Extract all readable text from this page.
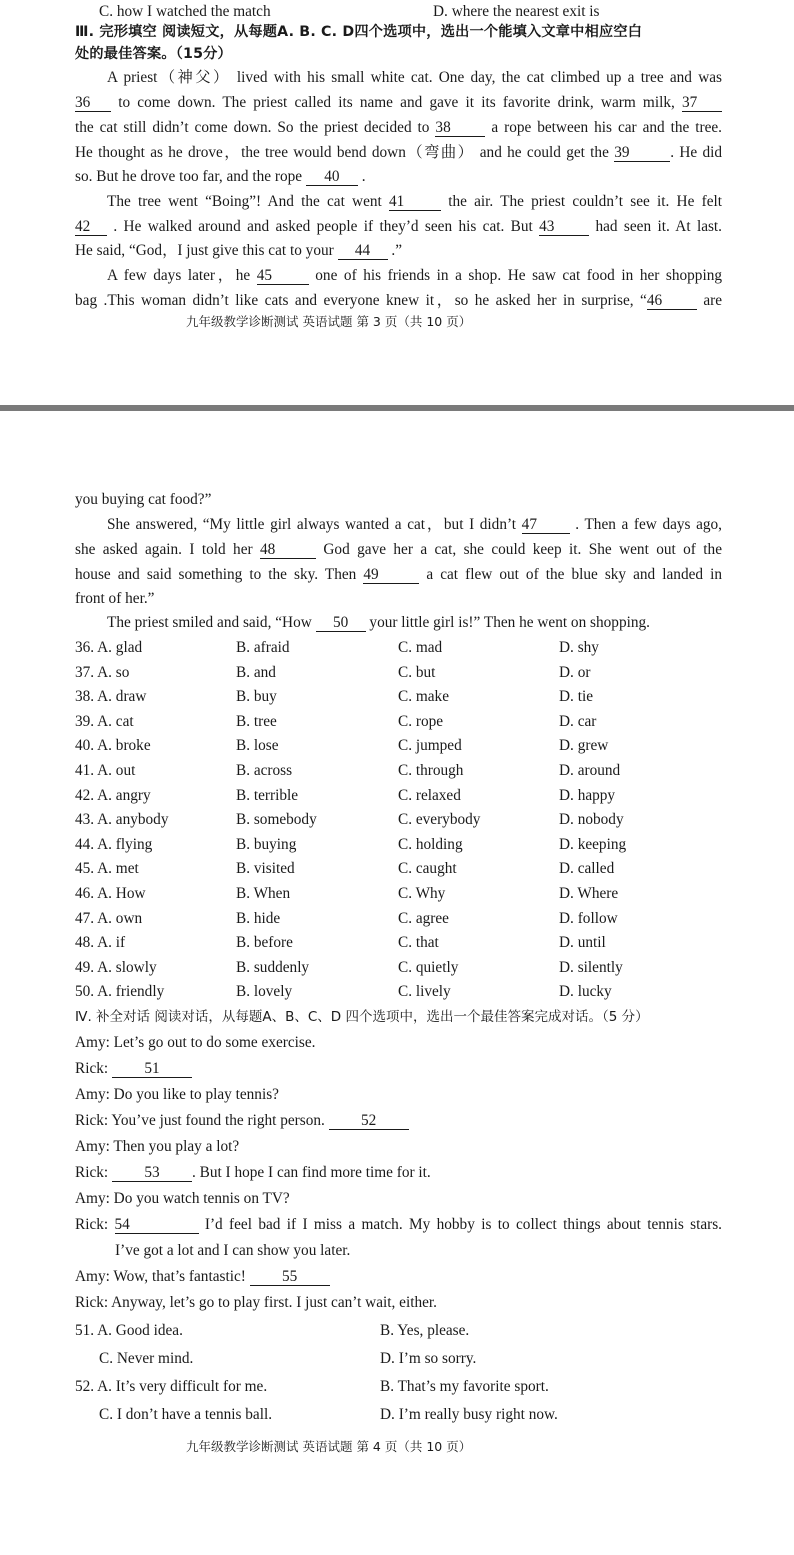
C. how I watched the match	D. where the nearest exit is
Ⅲ. 完形填空 阅读短文，从每题A. B. C. D四个选项中，选出一个能填入文章中相应空白
处的最佳答案。（15分）
A priest（神父） lived with his small white cat. One day, the cat climbed up a tree and was
36 to come down. The priest called its name and gave it its favorite drink, warm milk, 37
the cat still didn’t come down. So the priest decided to 38 a rope between his car and the tree.
He thought as he drove，the tree would bend down（弯曲） and he could get the 39	. He did
so. But he drove too far, and the rope 40 .
The tree went “Boing”! And the cat went 41 the air. The priest couldn’t see it. He felt
42 . He walked around and asked people if they’d seen his cat. But 43 had seen it. At last.
He said, “God，I just give this cat to your 44 .”
A few days later，he 45 one of his friends in a shop. He saw cat food in her shopping
bag .This woman didn’t like cats and everyone knew it，so he asked her in surprise, “46 are
九年级教学诊断测试 英语试题 第 3 页（共 10 页）
you buying cat food?”
She answered, “My little girl always wanted a cat，but I didn’t 47 . Then a few days ago,
she asked again. I told her 48	God gave her a cat, she could keep it. She went out of the
house and said something to the sky. Then 49	a cat flew out of the blue sky and landed in
front of her.”
The priest smiled and said, “How 50 your little girl is!” Then he went on shopping.
36. A. glad	B. afraid	C. mad	D. shy
37. A. so	B. and	C. but	D. or
38. A. draw	B. buy	C. make	D. tie
39. A. cat	B. tree	C. rope	D. car
40. A. broke	B. lose	C. jumped	D. grew
41. A. out	B. across	C. through	D. around
42. A. angry	B. terrible	C. relaxed	D. happy
43. A. anybody	B. somebody	C. everybody	D. nobody
44. A. flying	B. buying	C. holding	D. keeping
45. A. met	B. visited	C. caught	D. called
46. A. How	B. When	C. Why	D. Where
47. A. own	B. hide	C. agree	D. follow
48. A. if	B. before	C. that	D. until
49. A. slowly	B. suddenly	C. quietly	D. silently
50. A. friendly	B. lovely	C. lively	D. lucky
Ⅳ. 补全对话 阅读对话，从每题A、B、C、D 四个选项中，选出一个最佳答案完成对话。（5 分）
Amy: Let’s go out to do some exercise.
Rick: 51
Amy: Do you like to play tennis?
Rick: You’ve just found the right person. 52
Amy: Then you play a lot?
Rick: 53 . But I hope I can find more time for it.
Amy: Do you watch tennis on TV?
Rick: 54	I’d feel bad if I miss a match. My hobby is to collect things about tennis stars.
I’ve got a lot and I can show you later.
Amy: Wow, that’s fantastic! 55
Rick: Anyway, let’s go to play first. I just can’t wait, either.
51. A. Good idea.	B. Yes, please.
C. Never mind.	D. I’m so sorry.
52. A. It’s very difficult for me.	B. That’s my favorite sport.
C. I don’t have a tennis ball.	D. I’m really busy right now.
九年级教学诊断测试 英语试题 第 4 页（共 10 页）
